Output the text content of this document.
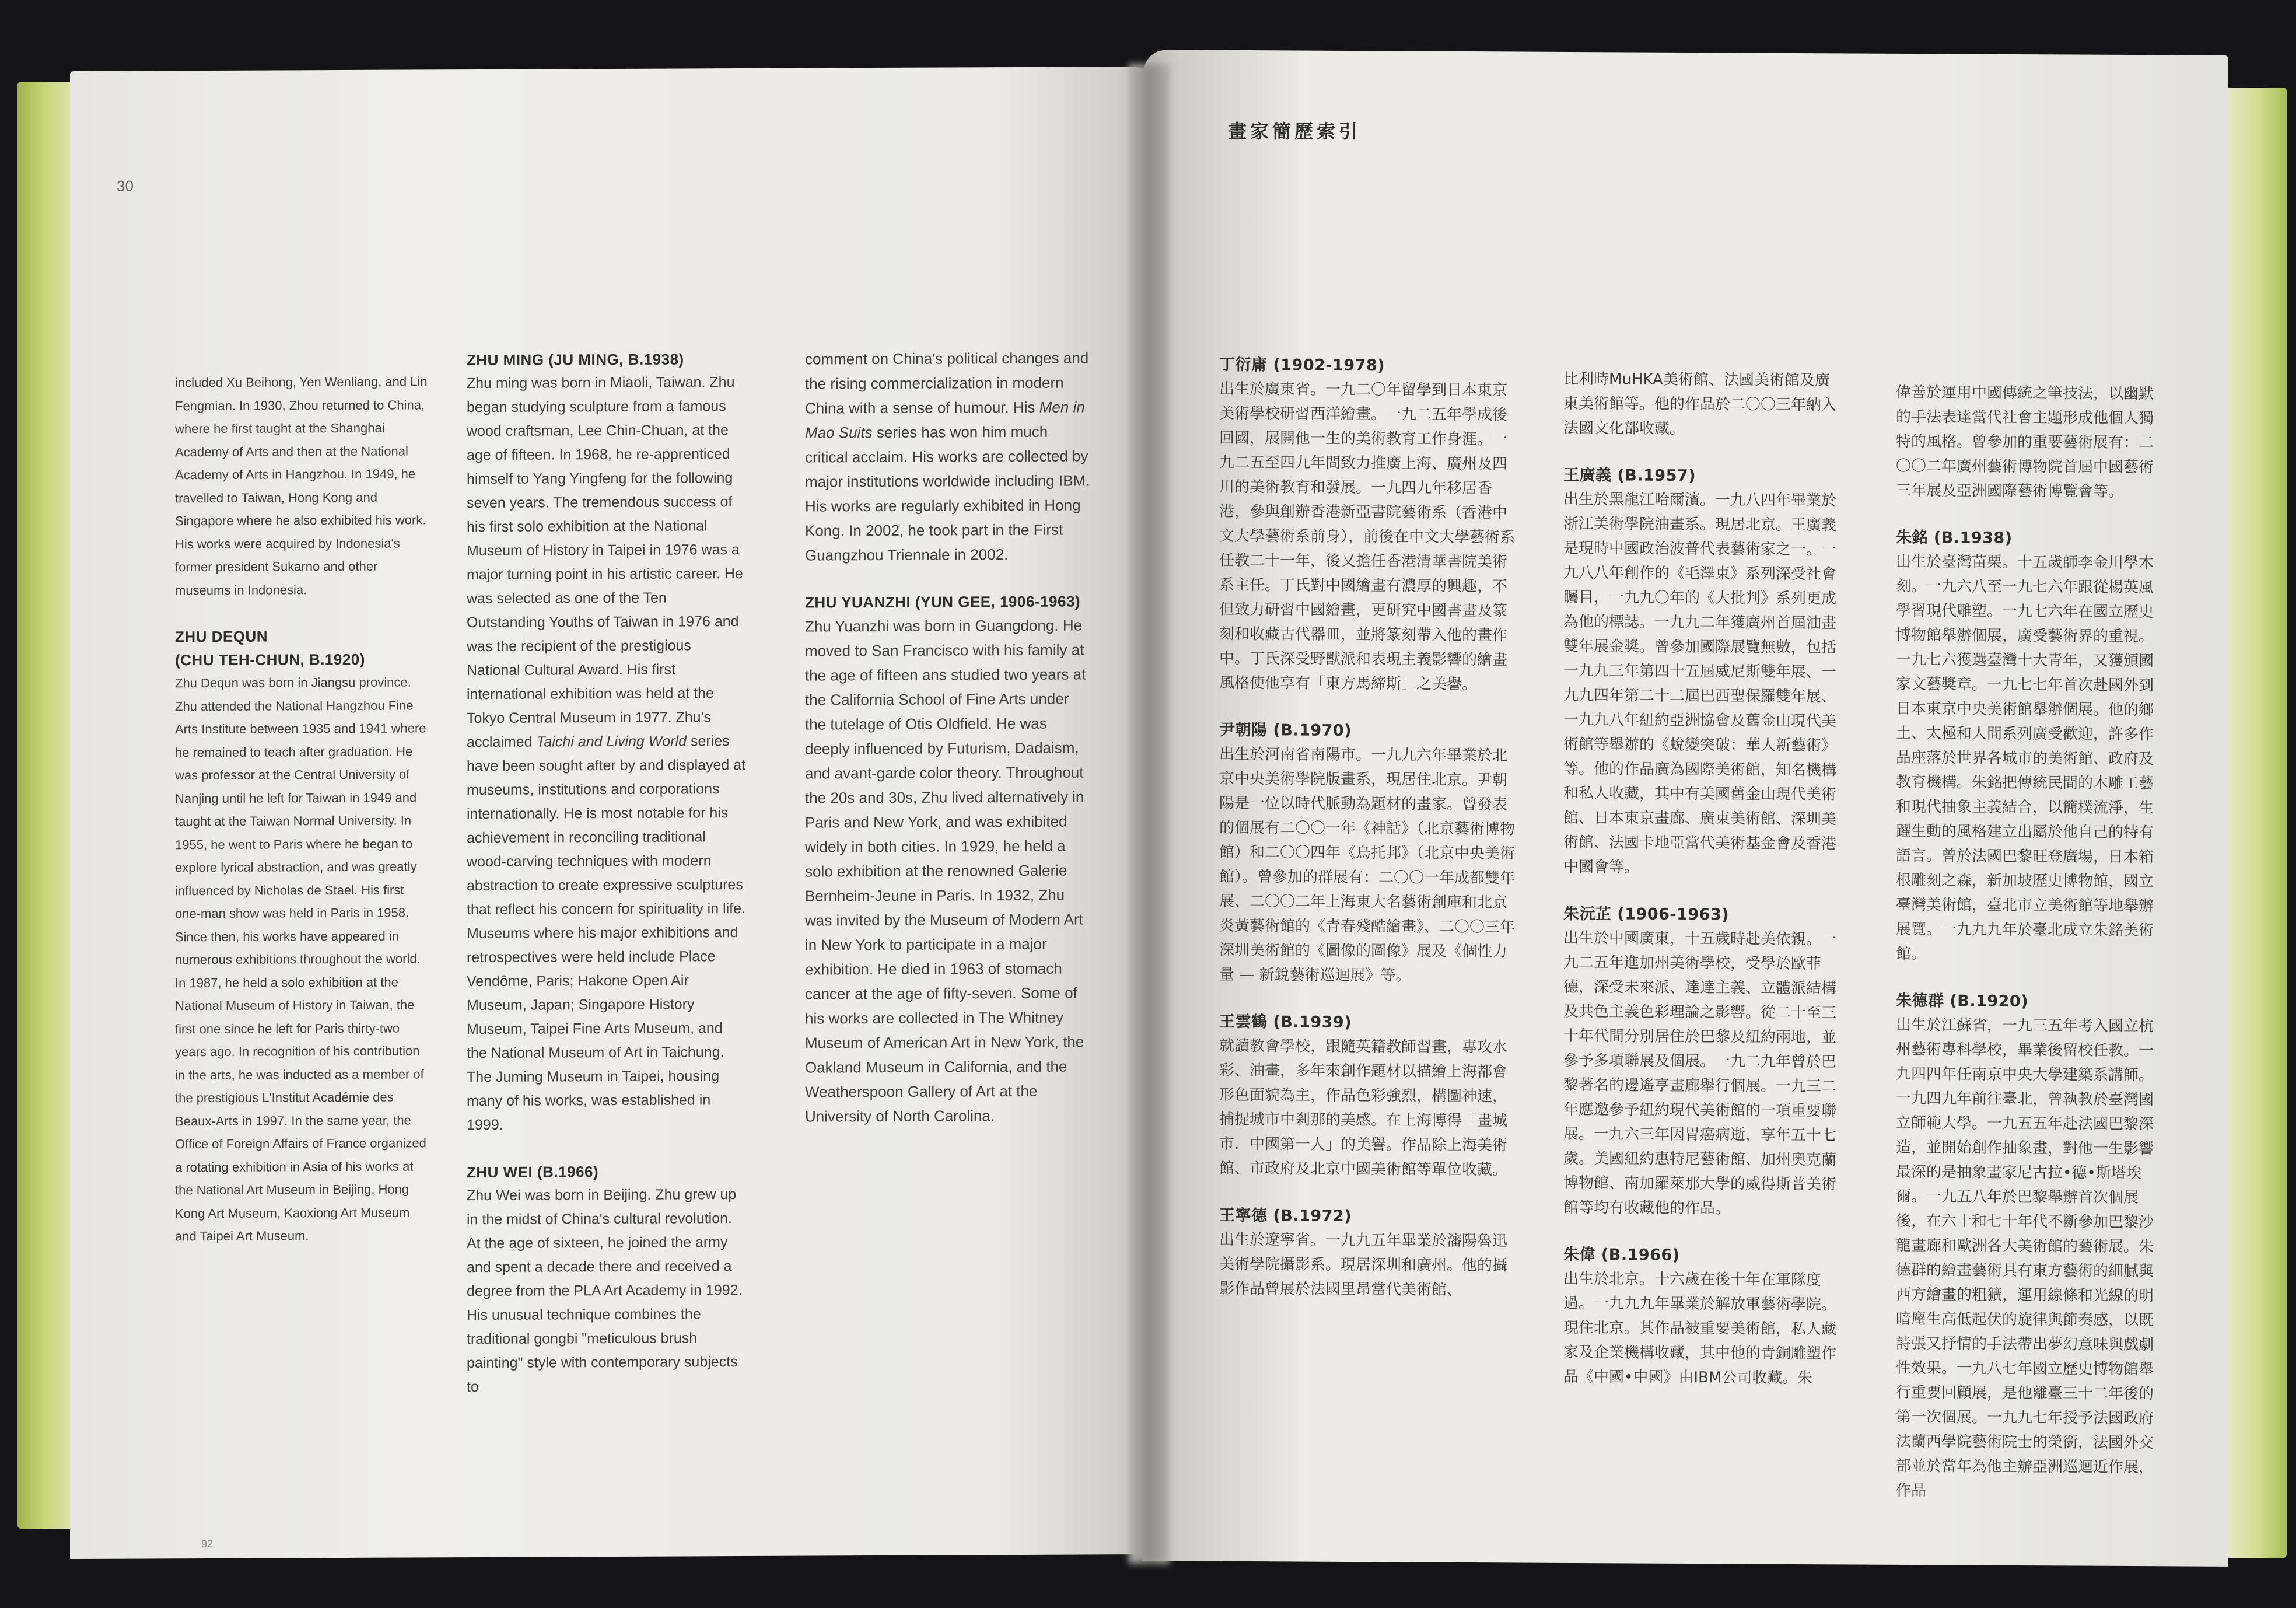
30

included Xu Beihong, Yen Wenliang, and Lin Fengmian. In 1930, Zhou returned to China, where he first taught at the Shanghai Academy of Arts and then at the National Academy of Arts in Hangzhou. In 1949, he travelled to Taiwan, Hong Kong and Singapore where he also exhibited his work. His works were acquired by Indonesia's former president Sukarno and other museums in Indonesia.

ZHU DEQUN

(CHU TEH-CHUN, B.1920)

Zhu Dequn was born in Jiangsu province. Zhu attended the National Hangzhou Fine Arts Institute between 1935 and 1941 where he remained to teach after graduation. He was professor at the Central University of Nanjing until he left for Taiwan in 1949 and taught at the Taiwan Normal University. In 1955, he went to Paris where he began to explore lyrical abstraction, and was greatly influenced by Nicholas de Stael. His first one-man show was held in Paris in 1958. Since then, his works have appeared in numerous exhibitions throughout the world. In 1987, he held a solo exhibition at the National Museum of History in Taiwan, the first one since he left for Paris thirty-two years ago. In recognition of his contribution in the arts, he was inducted as a member of the prestigious L'Institut Académie des Beaux-Arts in 1997. In the same year, the Office of Foreign Affairs of France organized a rotating exhibition in Asia of his works at the National Art Museum in Beijing, Hong Kong Art Museum, Kaoxiong Art Museum and Taipei Art Museum.

ZHU MING (JU MING, B.1938)

Zhu ming was born in Miaoli, Taiwan. Zhu began studying sculpture from a famous wood craftsman, Lee Chin-Chuan, at the age of fifteen. In 1968, he re-apprenticed himself to Yang Yingfeng for the following seven years. The tremendous success of his first solo exhibition at the National Museum of History in Taipei in 1976 was a major turning point in his artistic career. He was selected as one of the Ten Outstanding Youths of Taiwan in 1976 and was the recipient of the prestigious National Cultural Award. His first international exhibition was held at the Tokyo Central Museum in 1977. Zhu's acclaimed Taichi and Living World series have been sought after by and displayed at museums, institutions and corporations internationally. He is most notable for his achievement in reconciling traditional wood-carving techniques with modern abstraction to create expressive sculptures that reflect his concern for spirituality in life. Museums where his major exhibitions and retrospectives were held include Place Vendôme, Paris; Hakone Open Air Museum, Japan; Singapore History Museum, Taipei Fine Arts Museum, and the National Museum of Art in Taichung. The Juming Museum in Taipei, housing many of his works, was established in 1999.

ZHU WEI (B.1966)

Zhu Wei was born in Beijing. Zhu grew up in the midst of China's cultural revolution. At the age of sixteen, he joined the army and spent a decade there and received a degree from the PLA Art Academy in 1992. His unusual technique combines the traditional gongbi "meticulous brush painting" style with contemporary subjects to

comment on China's political changes and the rising commercialization in modern China with a sense of humour. His Men in Mao Suits series has won him much critical acclaim. His works are collected by major institutions worldwide including IBM. His works are regularly exhibited in Hong Kong. In 2002, he took part in the First Guangzhou Triennale in 2002.

ZHU YUANZHI (YUN GEE, 1906-1963)

Zhu Yuanzhi was born in Guangdong. He moved to San Francisco with his family at the age of fifteen ans studied two years at the California School of Fine Arts under the tutelage of Otis Oldfield. He was deeply influenced by Futurism, Dadaism, and avant-garde color theory. Throughout the 20s and 30s, Zhu lived alternatively in Paris and New York, and was exhibited widely in both cities. In 1929, he held a solo exhibition at the renowned Galerie Bernheim-Jeune in Paris. In 1932, Zhu was invited by the Museum of Modern Art in New York to participate in a major exhibition. He died in 1963 of stomach cancer at the age of fifty-seven. Some of his works are collected in The Whitney Museum of American Art in New York, the Oakland Museum in California, and the Weatherspoon Gallery of Art at the University of North Carolina.

92

丁衍庸 (1902-1978)

出生於廣東省。一九二〇年留學到日本東京美術學校研習西洋繪畫。一九二五年學成後回國，展開他一生的美術教育工作身涯。一九二五至四九年間致力推廣上海、廣州及四川的美術教育和發展。一九四九年移居香港，參與創辦香港新亞書院藝術系（香港中文大學藝術系前身），前後在中文大學藝術系任教二十一年，後又擔任香港清華書院美術系主任。丁氏對中國繪畫有濃厚的興趣，不但致力研習中國繪畫，更研究中國書畫及篆刻和收藏古代器皿，並將篆刻帶入他的畫作中。丁氏深受野獸派和表現主義影響的繪畫風格使他享有「東方馬締斯」之美譽。

尹朝陽 (B.1970)

出生於河南省南陽市。一九九六年畢業於北京中央美術學院版畫系，現居住北京。尹朝陽是一位以時代脈動為題材的畫家。曾發表的個展有二〇〇一年《神話》（北京藝術博物館）和二〇〇四年《烏托邦》（北京中央美術館）。曾參加的群展有：二〇〇一年成都雙年展、二〇〇二年上海東大名藝術創庫和北京炎黃藝術館的《青春殘酷繪畫》、二〇〇三年深圳美術館的《圖像的圖像》展及《個性力量 — 新銳藝術巡迴展》等。

王雲鶴 (B.1939)

就讀教會學校，跟隨英籍教師習畫，專攻水彩、油畫，多年來創作題材以描繪上海都會形色面貌為主，作品色彩強烈，構圖神速，捕捉城市中剎那的美感。在上海博得「畫城市．中國第一人」的美譽。作品除上海美術館、市政府及北京中國美術館等單位收藏。

王寧德 (B.1972)

出生於遼寧省。一九九五年畢業於瀋陽魯迅美術學院攝影系。現居深圳和廣州。他的攝影作品曾展於法國里昂當代美術館、

比利時MuHKA美術館、法國美術館及廣東美術館等。他的作品於二〇〇三年納入法國文化部收藏。

王廣義 (B.1957)

出生於黑龍江哈爾濱。一九八四年畢業於浙江美術學院油畫系。現居北京。王廣義是現時中國政治波普代表藝術家之一。一九八八年創作的《毛澤東》系列深受社會矚目，一九九〇年的《大批判》系列更成為他的標誌。一九九二年獲廣州首屆油畫雙年展金獎。曾參加國際展覽無數，包括一九九三年第四十五屆威尼斯雙年展、一九九四年第二十二屆巴西聖保羅雙年展、一九九八年紐約亞洲協會及舊金山現代美術館等舉辦的《蛻變突破：華人新藝術》等。他的作品廣為國際美術館，知名機構和私人收藏，其中有美國舊金山現代美術館、日本東京畫廊、廣東美術館、深圳美術館、法國卡地亞當代美術基金會及香港中國會等。

朱沅芷 (1906-1963)

出生於中國廣東，十五歲時赴美依親。一九二五年進加州美術學校，受學於歐菲德，深受未來派、達達主義、立體派結構及共色主義色彩理論之影響。從二十至三十年代間分別居住於巴黎及紐約兩地，並參予多項聯展及個展。一九二九年曾於巴黎著名的邊遙亨畫廊舉行個展。一九三二年應邀參予紐約現代美術館的一項重要聯展。一九六三年因胃癌病逝，享年五十七歲。美國紐約惠特尼藝術館、加州奧克蘭博物館、南加羅萊那大學的威得斯普美術館等均有收藏他的作品。

朱偉 (B.1966)

出生於北京。十六歲在後十年在軍隊度過。一九九九年畢業於解放軍藝術學院。現住北京。其作品被重要美術館，私人藏家及企業機構收藏，其中他的青銅雕塑作品《中國•中國》由IBM公司收藏。朱

偉善於運用中國傳統之筆技法，以幽默的手法表達當代社會主題形成他個人獨特的風格。曾參加的重要藝術展有：二〇〇二年廣州藝術博物院首屆中國藝術三年展及亞洲國際藝術博覽會等。

朱銘 (B.1938)

出生於臺灣苗栗。十五歲師李金川學木刻。一九六八至一九七六年跟從楊英風學習現代雕塑。一九七六年在國立歷史博物館舉辦個展，廣受藝術界的重視。一九七六獲選臺灣十大青年，又獲頒國家文藝獎章。一九七七年首次赴國外到日本東京中央美術館舉辦個展。他的鄉土、太極和人間系列廣受歡迎，許多作品座落於世界各城市的美術館、政府及教育機構。朱銘把傳統民間的木雕工藝和現代抽象主義結合，以簡樸流淨，生躍生動的風格建立出屬於他自己的特有語言。曾於法國巴黎旺登廣場，日本箱根雕刻之森，新加坡歷史博物館，國立臺灣美術館，臺北市立美術館等地舉辦展覽。一九九九年於臺北成立朱銘美術館。

朱德群 (B.1920)

出生於江蘇省，一九三五年考入國立杭州藝術專科學校，畢業後留校任教。一九四四年任南京中央大學建築系講師。一九四九年前往臺北，曾執教於臺灣國立師範大學。一九五五年赴法國巴黎深造，並開始創作抽象畫，對他一生影響最深的是抽象畫家尼古拉•德•斯塔埃爾。一九五八年於巴黎舉辦首次個展後，在六十和七十年代不斷參加巴黎沙龍畫廊和歐洲各大美術館的藝術展。朱德群的繪畫藝術具有東方藝術的細膩與西方繪畫的粗獷，運用線條和光線的明暗塵生高低起伏的旋律與節奏感，以既詩張又抒情的手法帶出夢幻意味與戲劇性效果。一九八七年國立歷史博物館舉行重要回顧展，是他離臺三十二年後的第一次個展。一九九七年授予法國政府法蘭西學院藝術院士的榮銜，法國外交部並於當年為他主辦亞洲巡迴近作展，作品

畫家簡歷索引
